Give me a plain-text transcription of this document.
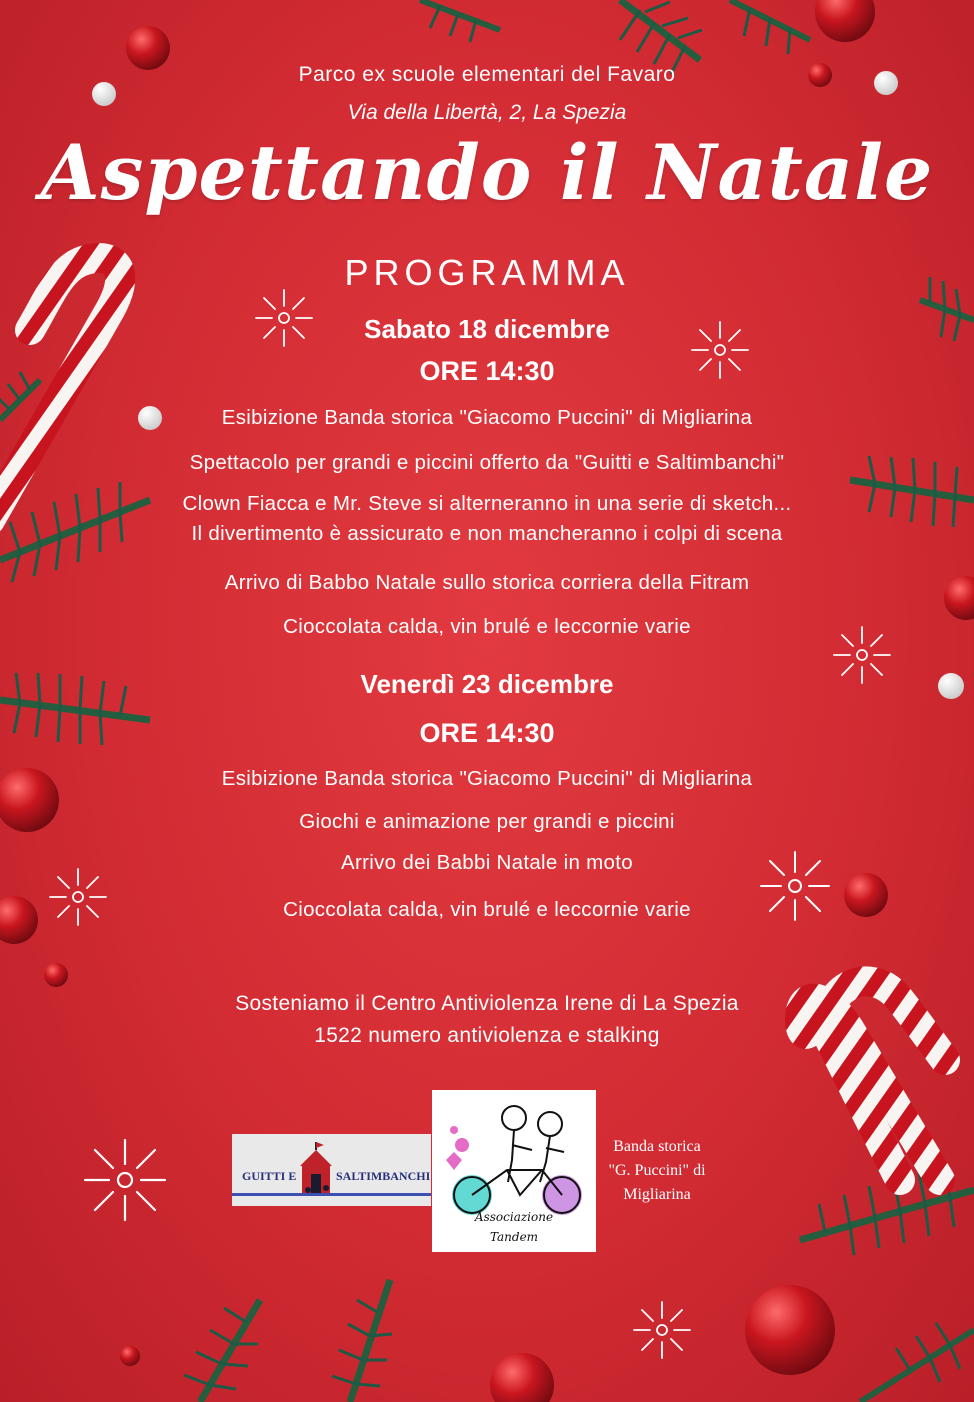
Parco ex scuole elementari del Favaro
Via della Libertà, 2, La Spezia
Aspettando il Natale
PROGRAMMA
Sabato 18 dicembre
ORE 14:30
Esibizione Banda storica "Giacomo Puccini" di Migliarina
Spettacolo per grandi e piccini offerto da "Guitti e Saltimbanchi"
Clown Fiacca e Mr. Steve si alterneranno in una serie di sketch...
Il divertimento è assicurato e non mancheranno i colpi di scena
Arrivo di Babbo Natale sullo storica corriera della Fitram
Cioccolata calda, vin brulé e leccornie varie
Venerdì 23 dicembre
ORE 14:30
Esibizione Banda storica "Giacomo Puccini" di Migliarina
Giochi e animazione per grandi e piccini
Arrivo dei Babbi Natale in moto
Cioccolata calda, vin brulé e leccornie varie
Sosteniamo il Centro Antiviolenza Irene di La Spezia
1522 numero antiviolenza e stalking
GUITTI E	SALTIMBANCHI
Associazione
Tandem
Banda storica
"G. Puccini" di
Migliarina
